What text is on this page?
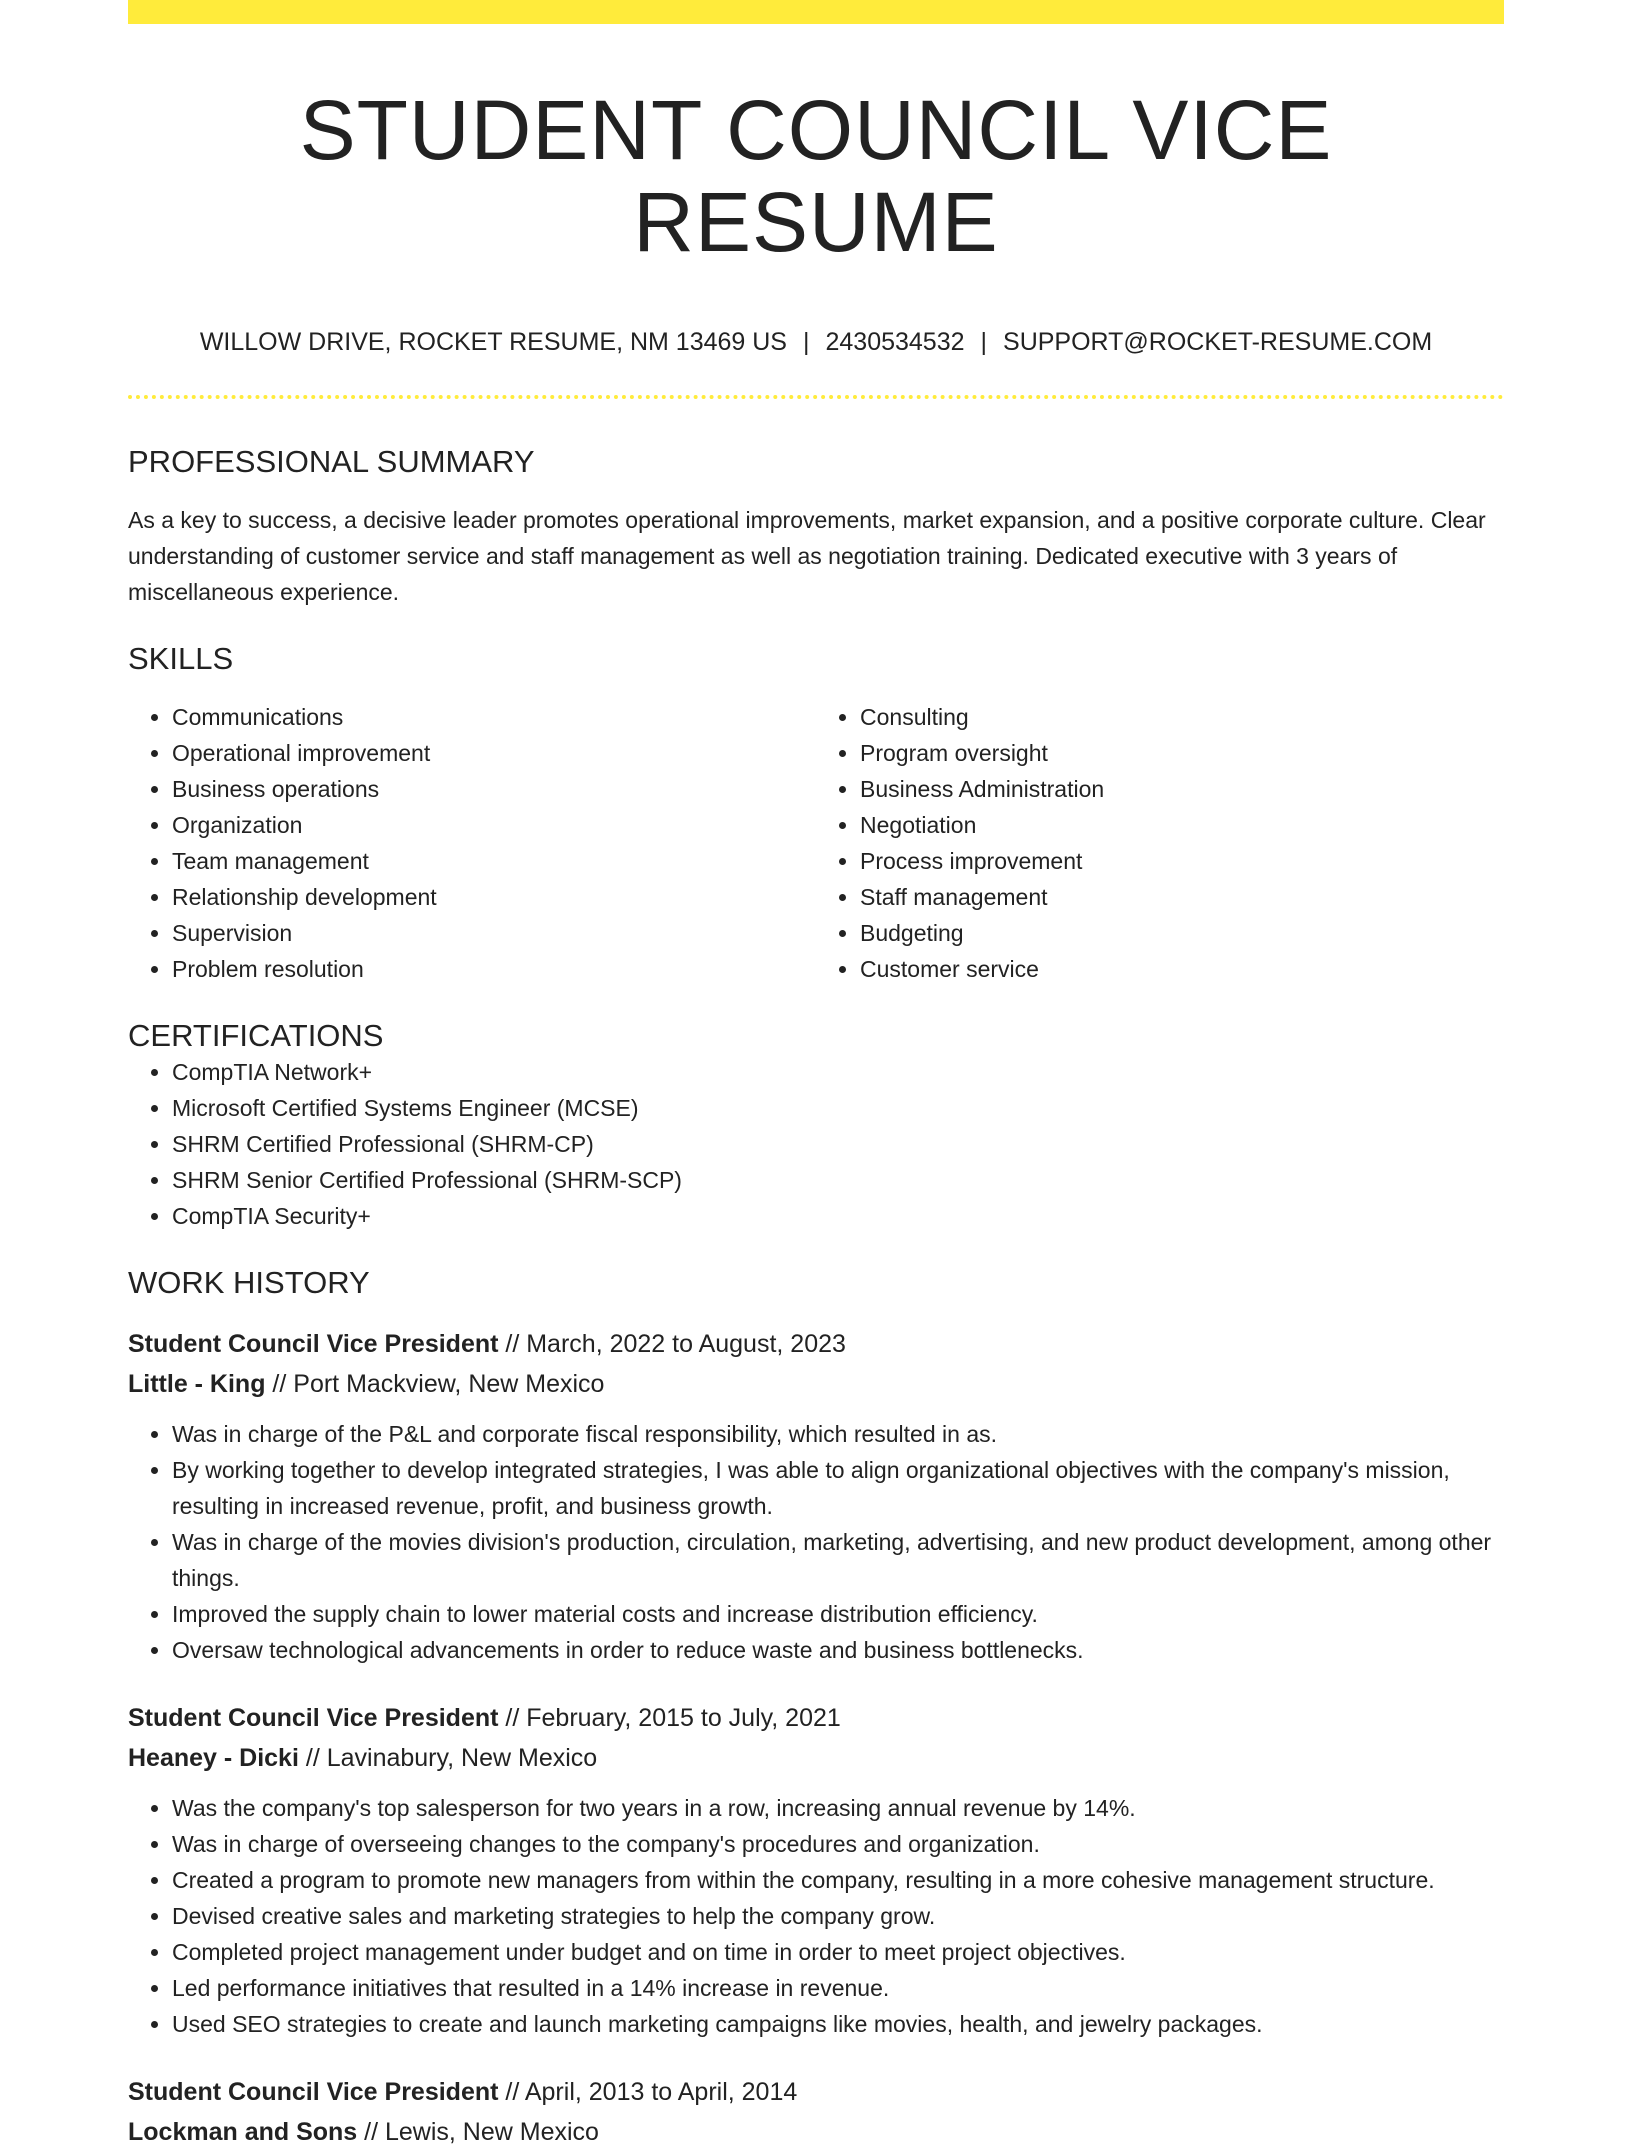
STUDENT COUNCIL VICE RESUME
WILLOW DRIVE, ROCKET RESUME, NM 13469 US | 2430534532 | SUPPORT@ROCKET-RESUME.COM
PROFESSIONAL SUMMARY

As a key to success, a decisive leader promotes operational improvements, market expansion, and a positive corporate culture. Clear understanding of customer service and staff management as well as negotiation training. Dedicated executive with 3 years of miscellaneous experience.

SKILLS
• Communications
• Operational improvement
• Business operations
• Organization
• Team management
• Relationship development
• Supervision
• Problem resolution
• Consulting
• Program oversight
• Business Administration
• Negotiation
• Process improvement
• Staff management
• Budgeting
• Customer service
CERTIFICATIONS
• CompTIA Network+
• Microsoft Certified Systems Engineer (MCSE)
• SHRM Certified Professional (SHRM-CP)
• SHRM Senior Certified Professional (SHRM-SCP)
• CompTIA Security+
WORK HISTORY
Student Council Vice President // March, 2022 to August, 2023
Little - King // Port Mackview, New Mexico
• Was in charge of the P&L and corporate fiscal responsibility, which resulted in as.
• By working together to develop integrated strategies, I was able to align organizational objectives with the company's mission, resulting in increased revenue, profit, and business growth.
• Was in charge of the movies division's production, circulation, marketing, advertising, and new product development, among other things.
• Improved the supply chain to lower material costs and increase distribution efficiency.
• Oversaw technological advancements in order to reduce waste and business bottlenecks.
Student Council Vice President // February, 2015 to July, 2021
Heaney - Dicki // Lavinabury, New Mexico
• Was the company's top salesperson for two years in a row, increasing annual revenue by 14%.
• Was in charge of overseeing changes to the company's procedures and organization.
• Created a program to promote new managers from within the company, resulting in a more cohesive management structure.
• Devised creative sales and marketing strategies to help the company grow.
• Completed project management under budget and on time in order to meet project objectives.
• Led performance initiatives that resulted in a 14% increase in revenue.
• Used SEO strategies to create and launch marketing campaigns like movies, health, and jewelry packages.
Student Council Vice President // April, 2013 to April, 2014
Lockman and Sons // Lewis, New Mexico
